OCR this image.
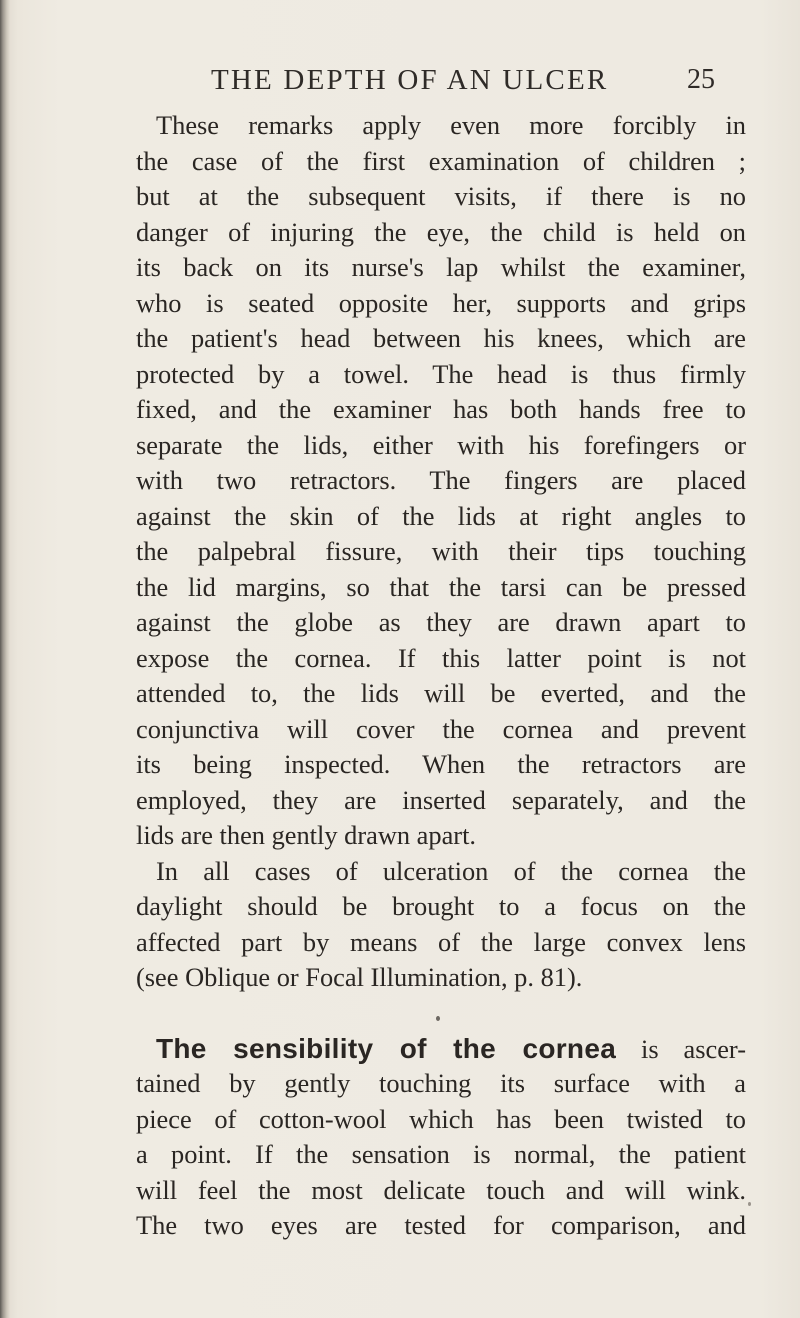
THE DEPTH OF AN ULCER	25
These remarks apply even more forcibly in
the case of the first examination of children ;
but at the subsequent visits, if there is no
danger of injuring the eye, the child is held on
its back on its nurse's lap whilst the examiner,
who is seated opposite her, supports and grips
the patient's head between his knees, which are
protected by a towel. The head is thus firmly
fixed, and the examiner has both hands free to
separate the lids, either with his forefingers or
with two retractors. The fingers are placed
against the skin of the lids at right angles to
the palpebral fissure, with their tips touching
the lid margins, so that the tarsi can be pressed
against the globe as they are drawn apart to
expose the cornea. If this latter point is not
attended to, the lids will be everted, and the
conjunctiva will cover the cornea and prevent
its being inspected. When the retractors are
employed, they are inserted separately, and the
lids are then gently drawn apart.
In all cases of ulceration of the cornea the
daylight should be brought to a focus on the
affected part by means of the large convex lens
(see Oblique or Focal Illumination, p. 81).
The sensibility of the cornea is ascer-
tained by gently touching its surface with a
piece of cotton-wool which has been twisted to
a point. If the sensation is normal, the patient
will feel the most delicate touch and will wink.
The two eyes are tested for comparison, and
